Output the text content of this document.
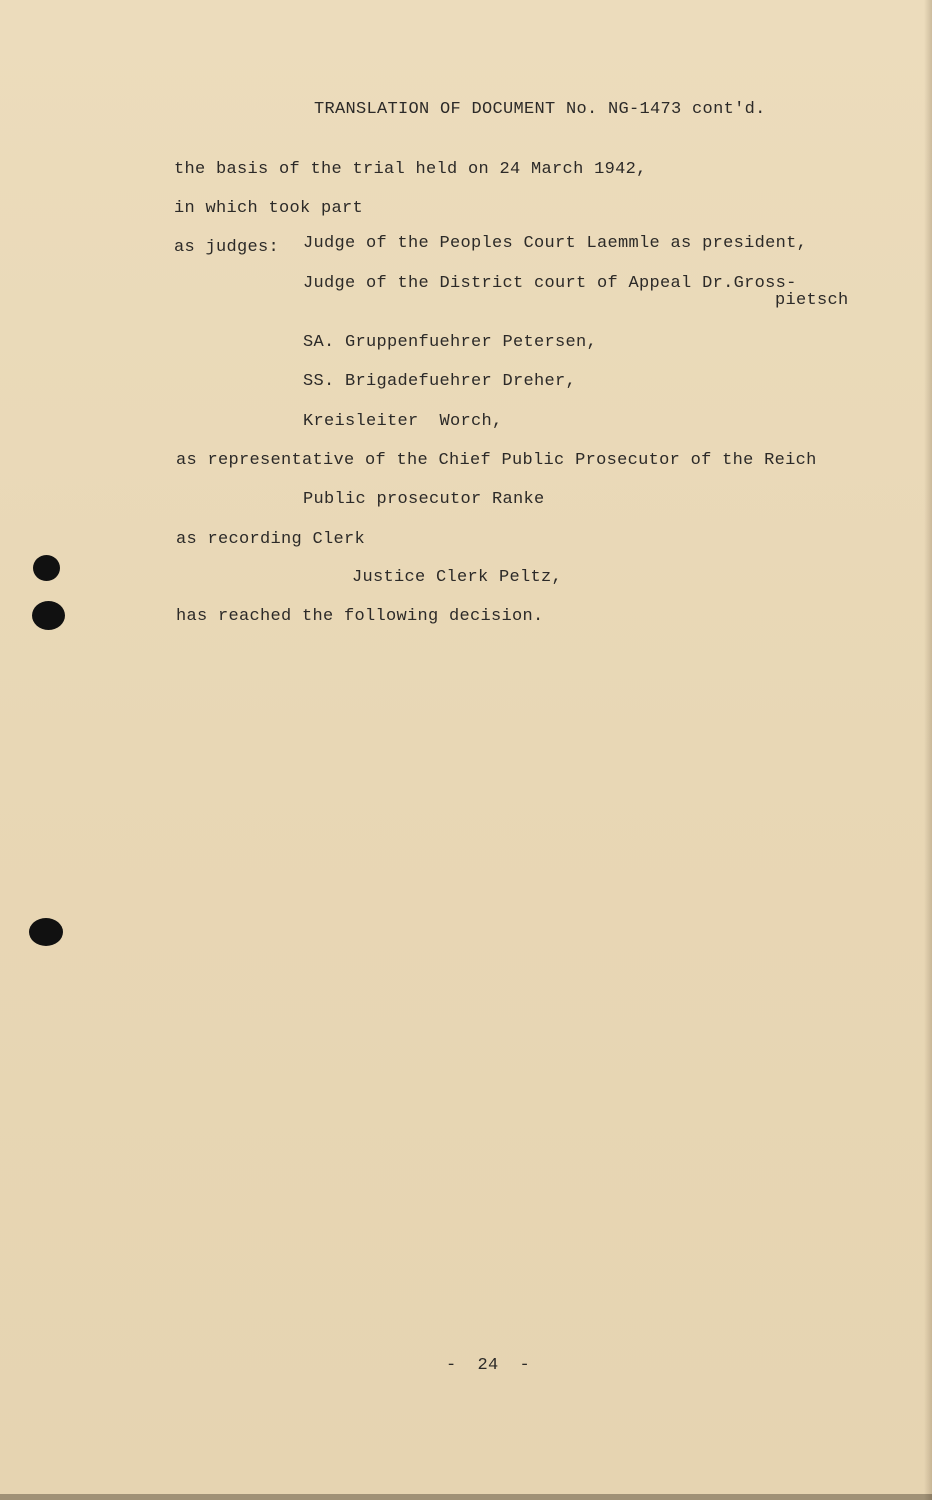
TRANSLATION OF DOCUMENT No. NG-1473 cont'd.
the basis of the trial held on 24 March 1942,
in which took part
as judges: Judge of the Peoples Court Laemmle as president,
Judge of the District court of Appeal Dr.Gross-
pietsch
SA. Gruppenfuehrer Petersen,
SS. Brigadefuehrer Dreher,
Kreisleiter  Worch,
as representative of the Chief Public Prosecutor of the Reich
Public prosecutor Ranke
as recording Clerk
Justice Clerk Peltz,
has reached the following decision.
-  24  -
